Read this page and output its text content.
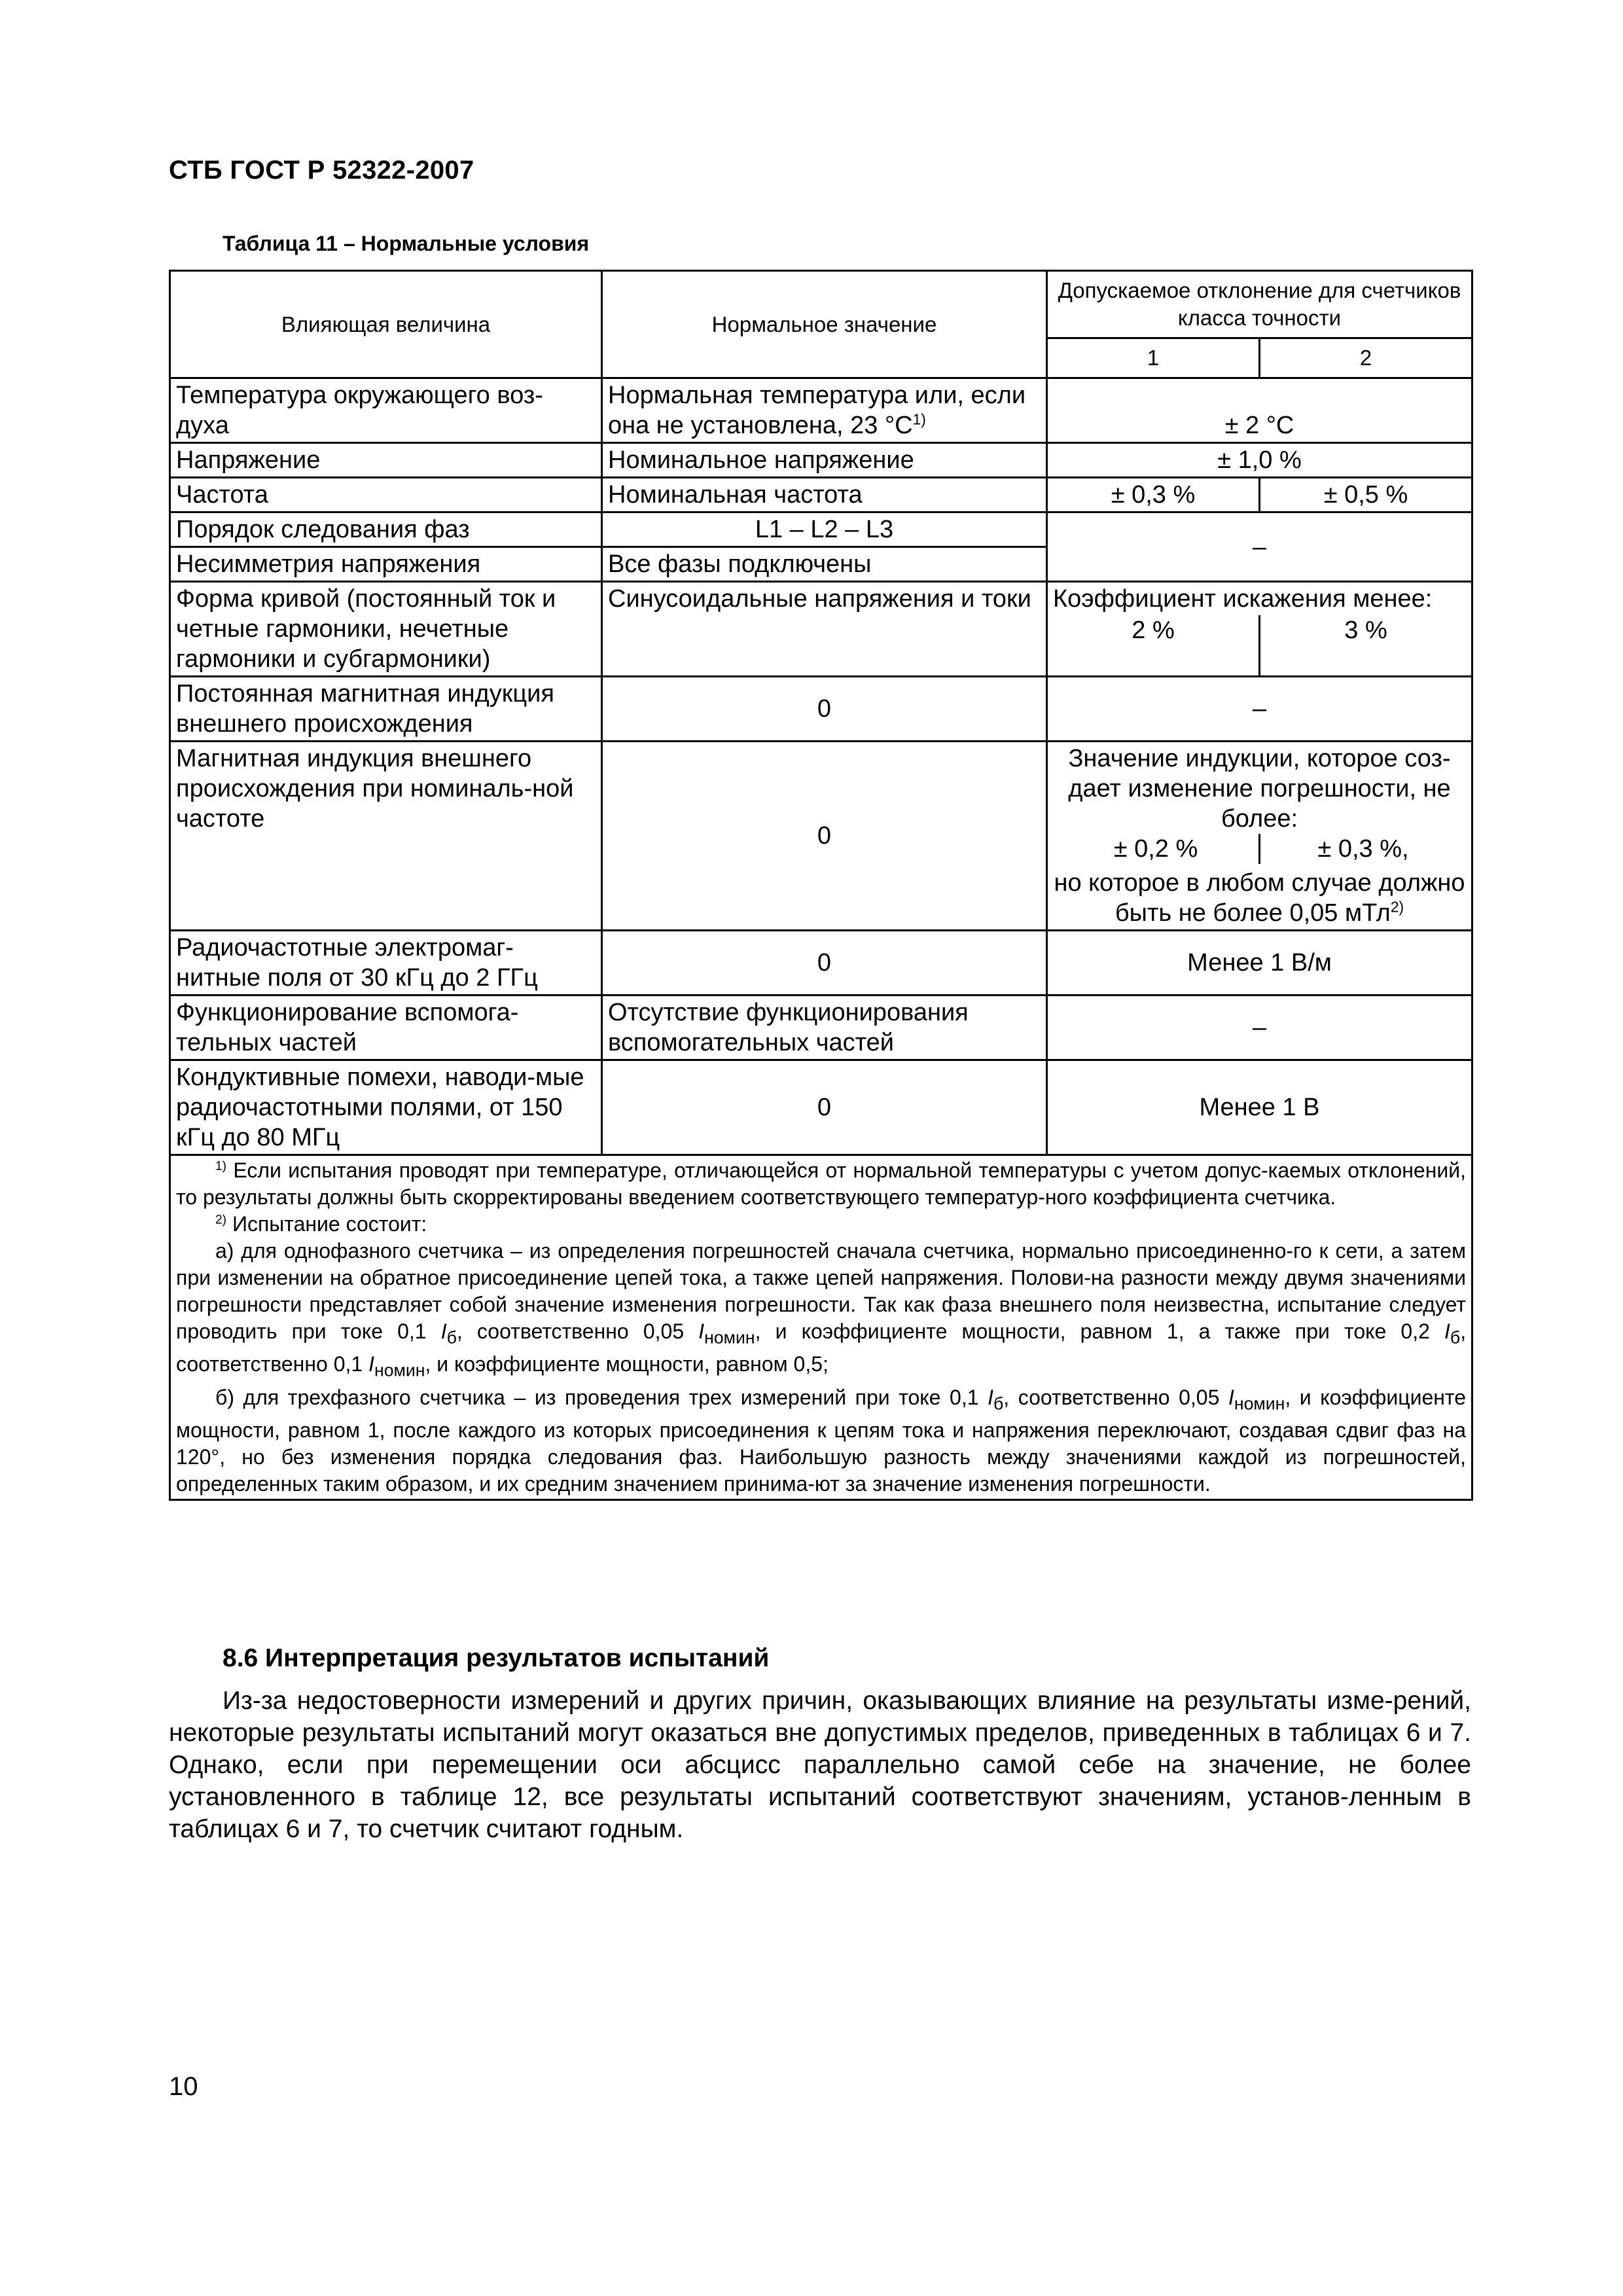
СТБ ГОСТ Р 52322-2007
Таблица 11 – Нормальные условия
Влияющая величина	Нормальное значение	Допускаемое отклонение для счетчиков класса точности	
		1	2
Температура окружающего воз-духа	Нормальная температура или, если она не установлена, 23 $^\circ С^{1)}$	± 2 °С	
Напряжение	Номинальное напряжение	± 1,0 %	
Частота	Номинальная частота	± 0,3 %	± 0,5 %
Порядок следования фаз	L1 – L2 – L3	–	
Несимметрия напряжения	Все фазы подключены		
Форма кривой (постоянный ток и четные гармоники, нечетные гармоники и субгармоники)	Синусоидальные напряжения и токи	Коэффициент искажения менее:
2 % 3 %	

Постоянная магнитная индукция внешнего происхождения	0	–	
Магнитная индукция внешнего происхождения при номиналь-ной частоте	0	Значение индукции, которое соз-дает изменение погрешности, не более:
± 0,2 % ± 0,3 %,
но которое в любом случае должно быть не более 0,05 мТл$^{2)}$

Радиочастотные электромаг-нитные поля от 30 кГц до 2 ГГц	0	Менее 1 В/м	
Функционирование вспомога-тельных частей	Отсутствие функционирования вспомогательных частей	–	
Кондуктивные помехи, наводи-мые радиочастотными полями, от 150 кГц до 80 МГц	0	Менее 1 В	

$^{1)}$ Если испытания проводят при температуре, отличающейся от нормальной температуры с учетом допус-каемых отклонений, то результаты должны быть скорректированы введением соответствующего температур-ного коэффициента счетчика.

$^{2)}$ Испытание состоит:

а) для однофазного счетчика – из определения погрешностей сначала счетчика, нормально присоединенно-го к сети, а затем при изменении на обратное присоединение цепей тока, а также цепей напряжения. Полови-на разности между двумя значениями погрешности представляет собой значение изменения погрешности. Так как фаза внешнего поля неизвестна, испытание следует проводить при токе 0,1 $I_б$, соответственно 0,05 $I_{номин}$, и коэффициенте мощности, равном 1, а также при токе 0,2 $I_б$, соответственно 0,1 $I_{номин}$, и коэффициенте мощности, равном 0,5;

б) для трехфазного счетчика – из проведения трех измерений при токе 0,1 $I_б$, соответственно 0,05 $I_{номин}$, и коэффициенте мощности, равном 1, после каждого из которых присоединения к цепям тока и напряжения переключают, создавая сдвиг фаз на 120°, но без изменения порядка следования фаз. Наибольшую разность между значениями каждой из погрешностей, определенных таким образом, и их средним значением принима-ют за значение изменения погрешности.			

8.6 Интерпретация результатов испытаний

Из-за недостоверности измерений и других причин, оказывающих влияние на результаты изме-рений, некоторые результаты испытаний могут оказаться вне допустимых пределов, приведенных в таблицах 6 и 7. Однако, если при перемещении оси абсцисс параллельно самой себе на значение, не более установленного в таблице 12, все результаты испытаний соответствуют значениям, установ-ленным в таблицах 6 и 7, то счетчик считают годным.

10
